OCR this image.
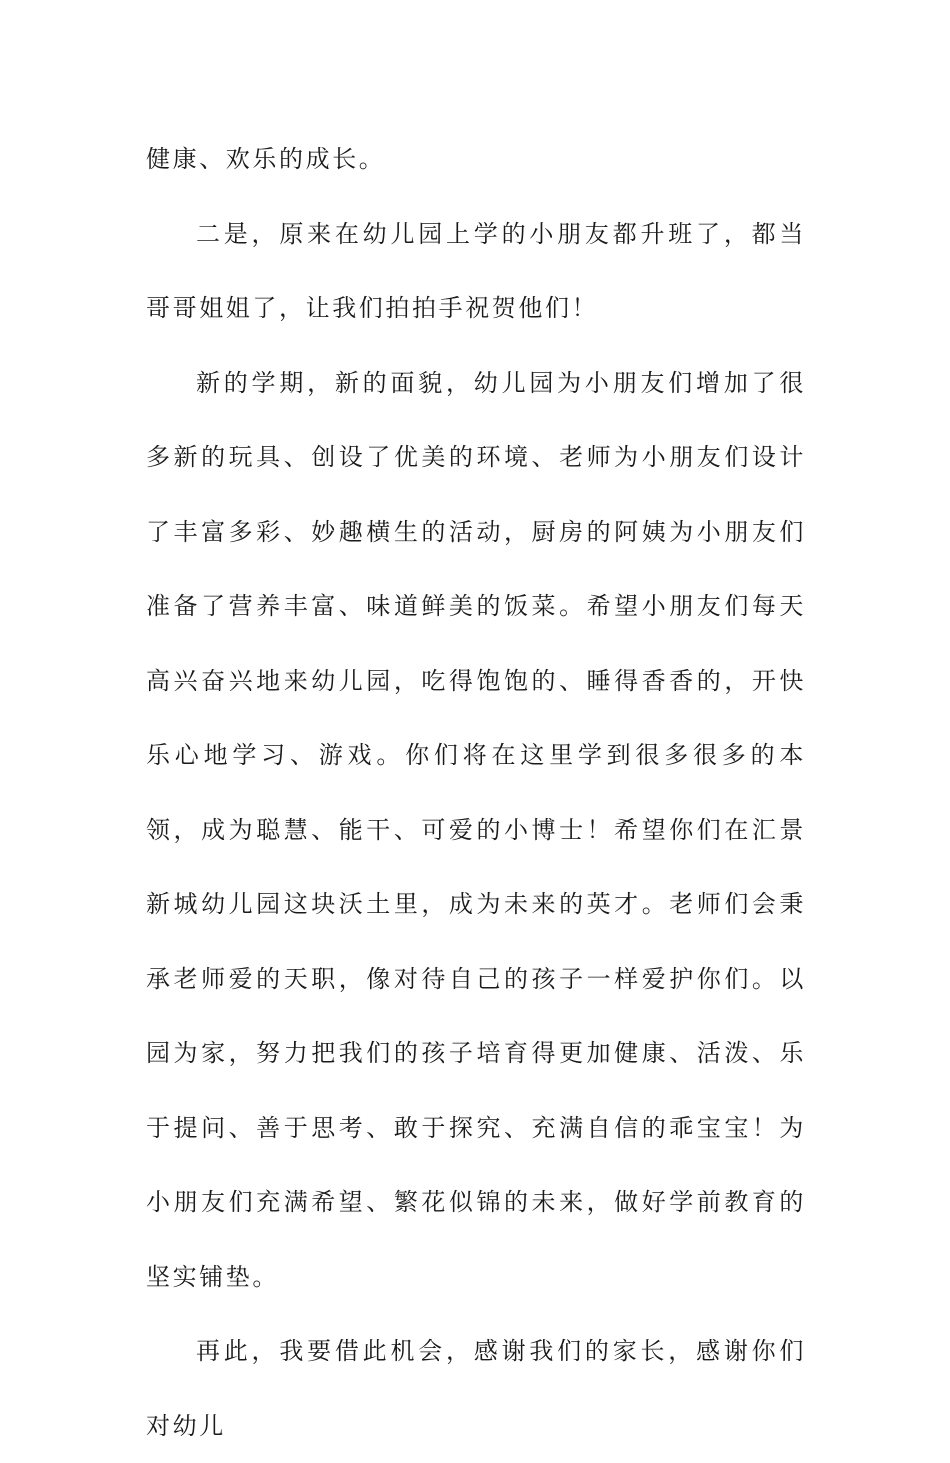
健康、欢乐的成长。

二是，原来在幼儿园上学的小朋友都升班了，都当哥哥姐姐了，让我们拍拍手祝贺他们！

新的学期，新的面貌，幼儿园为小朋友们增加了很多新的玩具、创设了优美的环境、老师为小朋友们设计了丰富多彩、妙趣横生的活动，厨房的阿姨为小朋友们准备了营养丰富、味道鲜美的饭菜。希望小朋友们每天高兴奋兴地来幼儿园，吃得饱饱的、睡得香香的，开快乐心地学习、游戏。你们将在这里学到很多很多的本领，成为聪慧、能干、可爱的小博士！希望你们在汇景新城幼儿园这块沃土里，成为未来的英才。老师们会秉承老师爱的天职，像对待自己的孩子一样爱护你们。以园为家，努力把我们的孩子培育得更加健康、活泼、乐于提问、善于思考、敢于探究、充满自信的乖宝宝！为小朋友们充满希望、繁花似锦的未来，做好学前教育的坚实铺垫。

再此，我要借此机会，感谢我们的家长，感谢你们对幼儿
